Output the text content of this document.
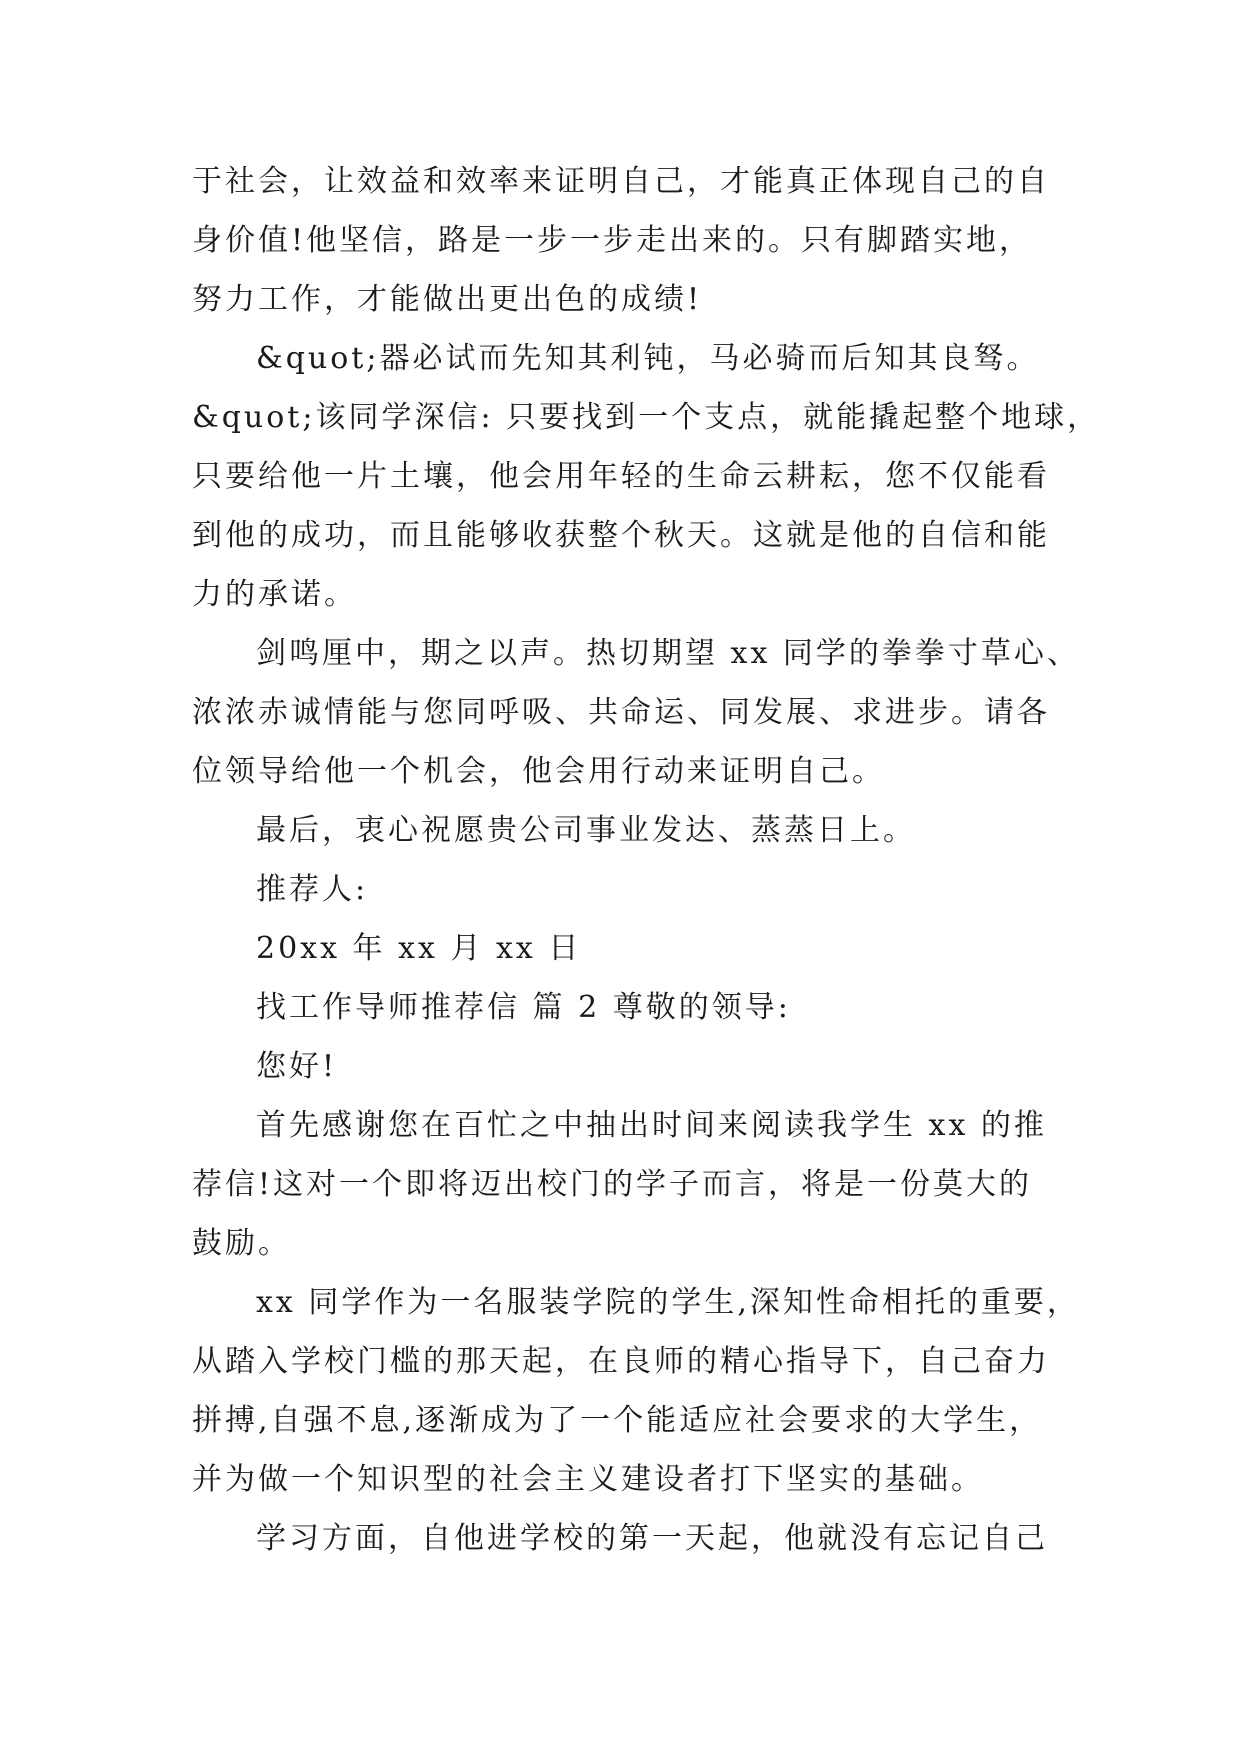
于社会，让效益和效率来证明自己，才能真正体现自己的自
身价值!他坚信，路是一步一步走出来的。只有脚踏实地，
努力工作，才能做出更出色的成绩!
&quot;器必试而先知其利钝，马必骑而后知其良驽。
&quot;该同学深信: 只要找到一个支点，就能撬起整个地球，
只要给他一片土壤，他会用年轻的生命云耕耘，您不仅能看
到他的成功，而且能够收获整个秋天。这就是他的自信和能
力的承诺。
剑鸣厘中，期之以声。热切期望 xx 同学的拳拳寸草心、
浓浓赤诚情能与您同呼吸、共命运、同发展、求进步。请各
位领导给他一个机会，他会用行动来证明自己。
最后，衷心祝愿贵公司事业发达、蒸蒸日上。
推荐人:
20xx 年 xx 月 xx 日
找工作导师推荐信 篇 2 尊敬的领导:
您好!
首先感谢您在百忙之中抽出时间来阅读我学生 xx 的推
荐信!这对一个即将迈出校门的学子而言，将是一份莫大的
鼓励。
xx 同学作为一名服装学院的学生,深知性命相托的重要，
从踏入学校门槛的那天起，在良师的精心指导下，自己奋力
拼搏,自强不息,逐渐成为了一个能适应社会要求的大学生，
并为做一个知识型的社会主义建设者打下坚实的基础。
学习方面，自他进学校的第一天起，他就没有忘记自己
